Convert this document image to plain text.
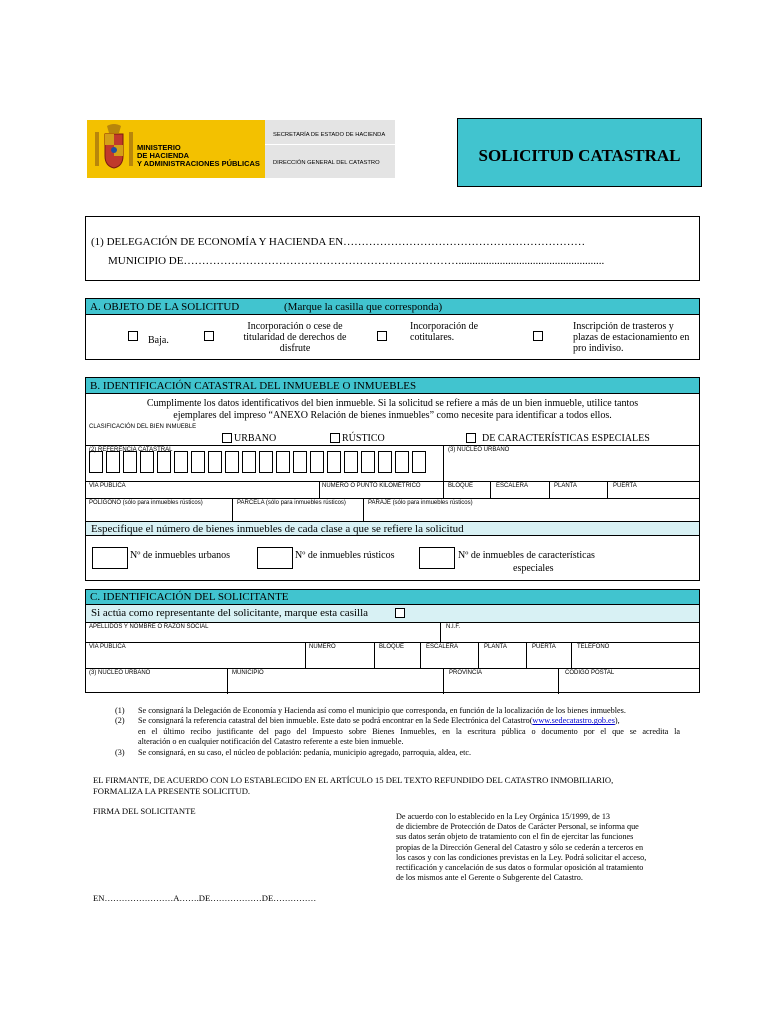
MINISTERIO
DE HACIENDA
Y ADMINISTRACIONES PÚBLICAS
SECRETARÍA DE ESTADO DE HACIENDA
DIRECCIÓN GENERAL DEL CATASTRO	SOLICITUD CATASTRAL
(1) DELEGACIÓN DE ECONOMÍA Y HACIENDA EN…………………………………………………………
MUNICIPIO DE………………………………………………………………….....................................................
A. OBJETO DE LA SOLICITUD	(Marque la casilla que corresponda)
Baja.
Incorporación o cese de titularidad de derechos de disfrute
Incorporación de cotitulares.
Inscripción de trasteros y plazas de estacionamiento en pro indiviso.
B. IDENTIFICACIÓN CATASTRAL DEL INMUEBLE O INMUEBLES
Cumplimente los datos identificativos del bien inmueble. Si la solicitud se refiere a más de un bien inmueble, utilice tantos
ejemplares del impreso “ANEXO Relación de bienes inmuebles” como necesite para identificar a todos ellos.
CLASIFICACIÓN DEL BIEN INMUEBLE
URBANO	RÚSTICO	DE CARACTERÍSTICAS ESPECIALES
(2) REFERENCIA CATASTRAL	(3) NÚCLEO URBANO
VÍA PÚBLICA	NÚMERO O PUNTO KILOMÉTRICO	BLOQUE	ESCALERA	PLANTA	PUERTA
POLÍGONO (sólo para inmuebles rústicos)	PARCELA (sólo para inmuebles rústicos)	PARAJE (sólo para inmuebles rústicos)
Especifique el número de bienes inmuebles de cada clase a que se refiere la solicitud
Nº de inmuebles urbanos	Nº de inmuebles rústicos	Nº de inmuebles de características
especiales
C. IDENTIFICACIÓN DEL SOLICITANTE
Si actúa como representante del solicitante, marque esta casilla
APELLIDOS Y NOMBRE O RAZÓN SOCIAL	N.I.F.
VÍA PÚBLICA	NÚMERO	BLOQUE	ESCALERA	PLANTA	PUERTA	TELÉFONO
(3) NÚCLEO URBANO	MUNICIPIO	PROVINCIA	CÓDIGO POSTAL
(1) Se consignará la Delegación de Economía y Hacienda así como el municipio que corresponda, en función de la localización de los bienes inmuebles.
(2) Se consignará la referencia catastral del bien inmueble. Este dato se podrá encontrar en la Sede Electrónica del Catastro(www.sedecatastro.gob.es),
en el último recibo justificante del pago del Impuesto sobre Bienes Inmuebles, en la escritura pública o documento por el que se acredita la
alteración o en cualquier notificación del Catastro referente a este bien inmueble.
(3) Se consignará, en su caso, el núcleo de población: pedanía, municipio agregado, parroquia, aldea, etc.
EL FIRMANTE, DE ACUERDO CON LO ESTABLECIDO EN EL ARTÍCULO 15 DEL TEXTO REFUNDIDO DEL CATASTRO INMOBILIARIO,
FORMALIZA LA PRESENTE SOLICITUD.
FIRMA DEL SOLICITANTE
De acuerdo con lo establecido en la Ley Orgánica 15/1999, de 13
de diciembre de Protección de Datos de Carácter Personal, se informa que
sus datos serán objeto de tratamiento con el fin de ejercitar las funciones
propias de la Dirección General del Catastro y sólo se cederán a terceros en
los casos y con las condiciones previstas en la Ley. Podrá solicitar el acceso,
rectificación y cancelación de sus datos o formular oposición al tratamiento
de los mismos ante el Gerente o Subgerente del Catastro.
EN……………………A…….DE………………DE……………
